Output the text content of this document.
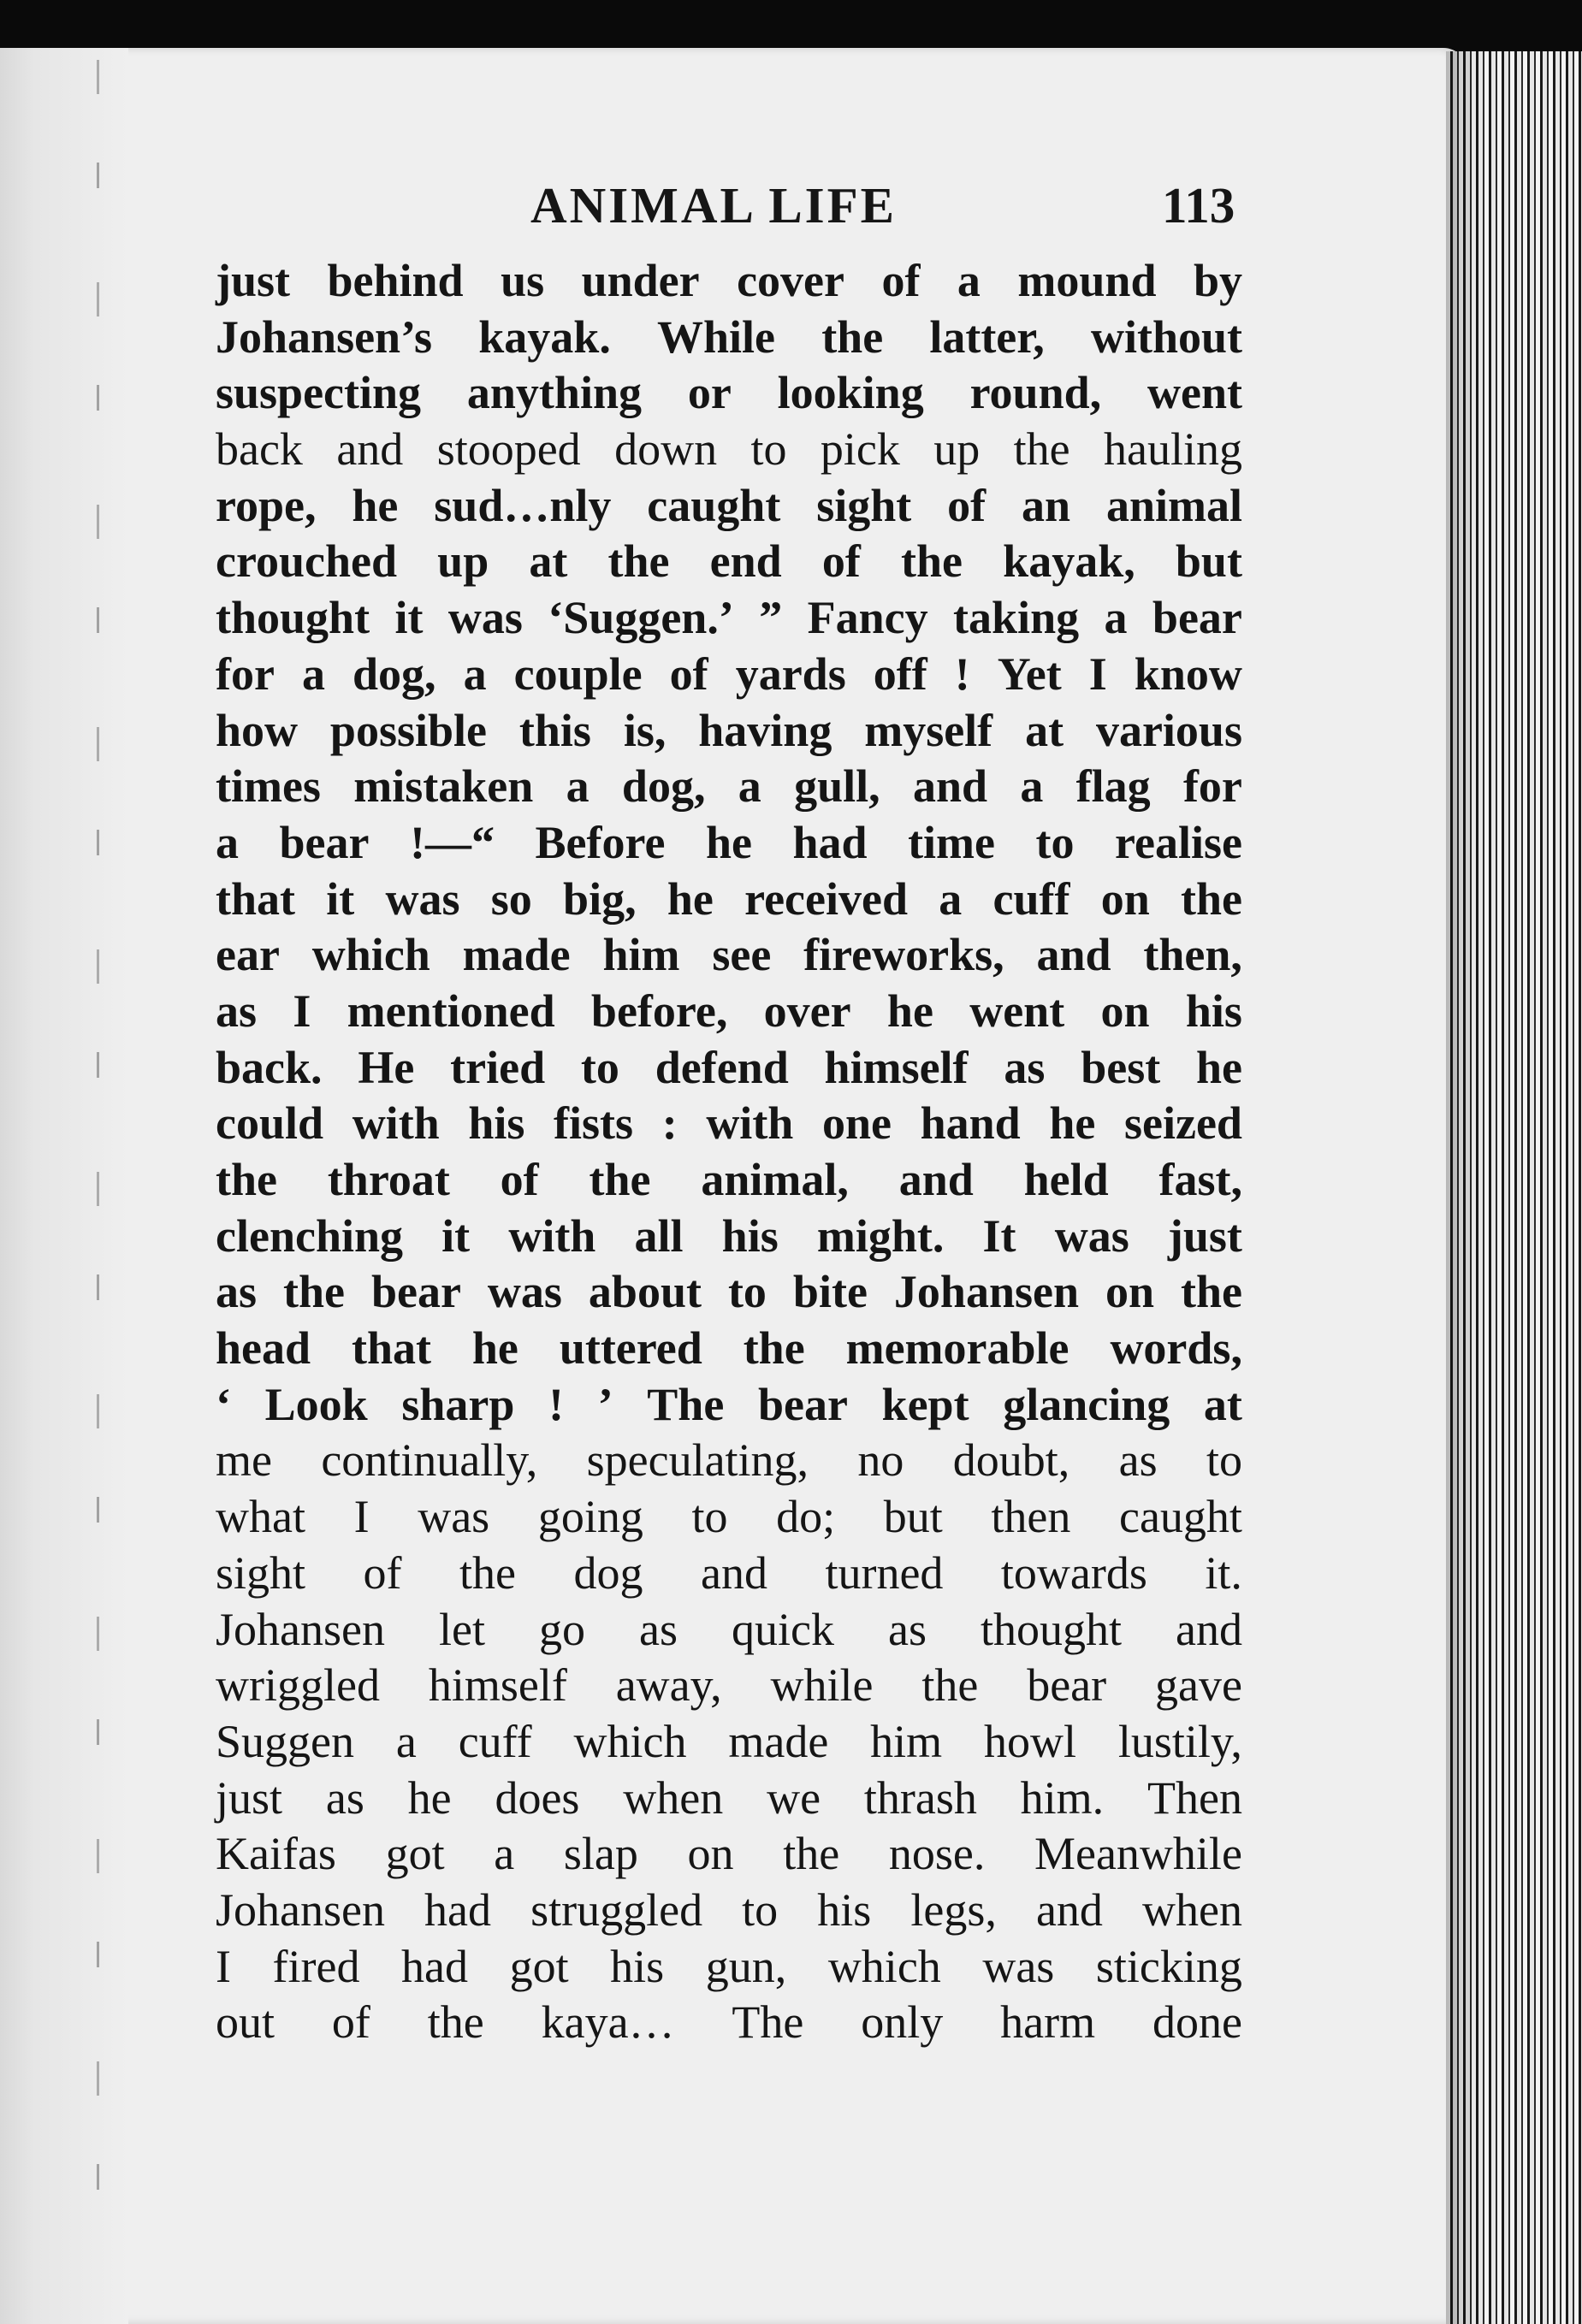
ANIMAL LIFE	113
just behind us under cover of a mound by
Johansen’s kayak. While the latter, without
suspecting anything or looking round, went
back and stooped down to pick up the hauling
rope, he sud…nly caught sight of an animal
crouched up at the end of the kayak, but
thought it was ‘Suggen.’ ” Fancy taking a bear
for a dog, a couple of yards off ! Yet I know
how possible this is, having myself at various
times mistaken a dog, a gull, and a flag for
a bear !—“ Before he had time to realise
that it was so big, he received a cuff on the
ear which made him see fireworks, and then,
as I mentioned before, over he went on his
back. He tried to defend himself as best he
could with his fists : with one hand he seized
the throat of the animal, and held fast,
clenching it with all his might. It was just
as the bear was about to bite Johansen on the
head that he uttered the memorable words,
‘ Look sharp ! ’ The bear kept glancing at
me continually, speculating, no doubt, as to
what I was going to do; but then caught
sight of the dog and turned towards it.
Johansen let go as quick as thought and
wriggled himself away, while the bear gave
Suggen a cuff which made him howl lustily,
just as he does when we thrash him. Then
Kaifas got a slap on the nose. Meanwhile
Johansen had struggled to his legs, and when
I fired had got his gun, which was sticking
out of the kaya… The only harm done
